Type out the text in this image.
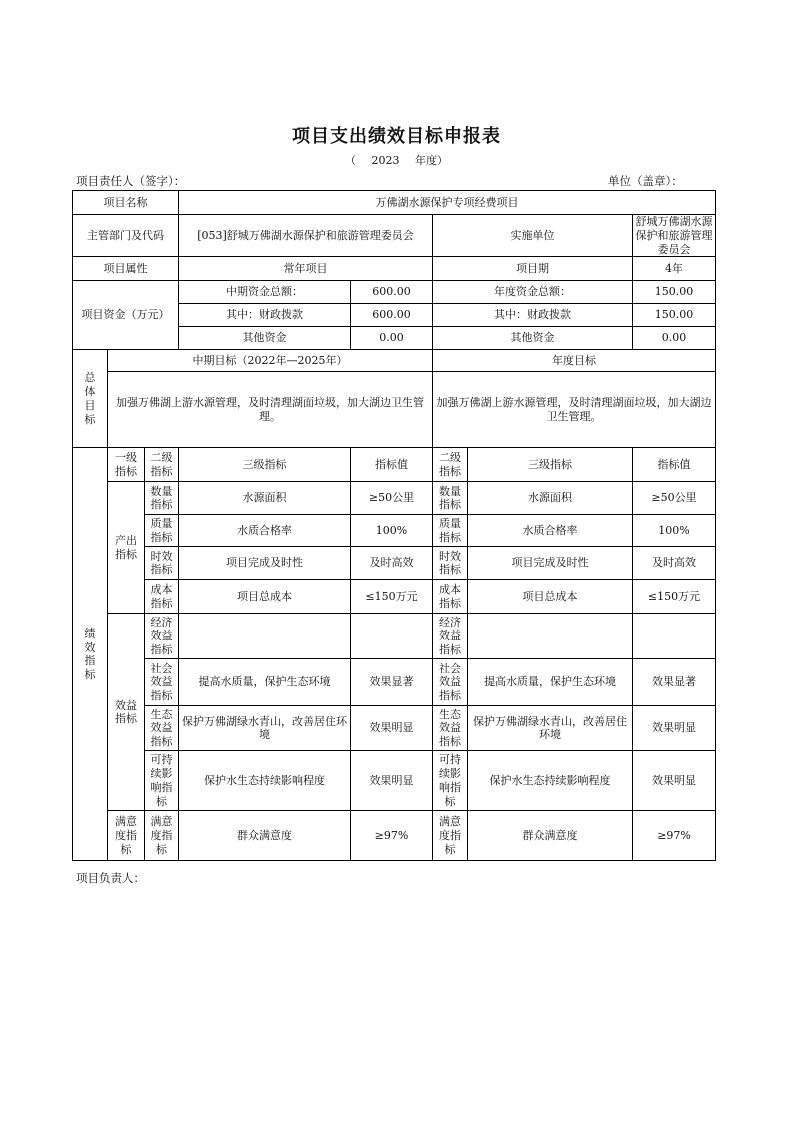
项目支出绩效目标申报表
（ 2023 年度）
项目责任人（签字）：	单位（盖章）：
项目名称			万佛湖水源保护专项经费项目				
主管部门及代码			[053]舒城万佛湖水源保护和旅游管理委员会		实施单位		舒城万佛湖水源保护和旅游管理委员会
项目属性			常年项目		项目期		4年
项目资金（万元）			中期资金总额：	600.00	年度资金总额：		150.00
			其中：财政拨款	600.00	其中：财政拨款		150.00
			其他资金	0.00	其他资金		0.00
总体目标	中期目标（2022年—2025年）				年度目标		
	加强万佛湖上游水源管理，及时清理湖面垃圾，加大湖边卫生管理。				加强万佛湖上游水源管理，及时清理湖面垃圾，加大湖边卫生管理。		
绩效指标	一级指标	二级指标	三级指标	指标值	二级指标	三级指标	指标值
	产出指标	数量指标	水源面积	≥50公里	数量指标	水源面积	≥50公里
		质量指标	水质合格率	100%	质量指标	水质合格率	100%
		时效指标	项目完成及时性	及时高效	时效指标	项目完成及时性	及时高效
		成本指标	项目总成本	≤150万元	成本指标	项目总成本	≤150万元
	效益指标	经济效益指标			经济效益指标		
		社会效益指标	提高水质量，保护生态环境	效果显著	社会效益指标	提高水质量，保护生态环境	效果显著
		生态效益指标	保护万佛湖绿水青山，改善居住环境	效果明显	生态效益指标	保护万佛湖绿水青山，改善居住环境	效果明显
		可持续影响指标	保护水生态持续影响程度	效果明显	可持续影响指标	保护水生态持续影响程度	效果明显
	满意度指标	满意度指标	群众满意度	≥97%	满意度指标	群众满意度	≥97%
项目负责人：
